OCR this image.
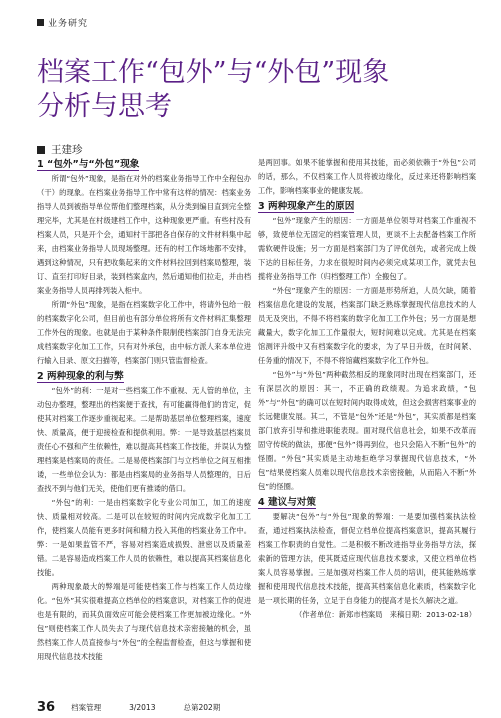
业务研究
档案工作“包外”与“外包”现象
分析与思考
王建珍

1 “包外”与“外包”现象

所谓“包外”现象，是指在对外的档案业务指导工作中全程包办（干）的现象。在档案业务指导工作中常有这样的情况：档案业务指导人员到被指导单位帮他们整理档案，从分类到编目直到完全整理完毕，尤其是在村级建档工作中，这种现象更严重。有些村没有档案人员，只是开个会，通知村干部把各自保存的文件材料集中起来，由档案业务指导人员现场整理。还有的村工作场地都不安排，遇到这种情况，只有把收集起来的文件材料拉回到档案局整理，装订、直至打印好目录，装到档案盒内，然后通知他们拉走，并由档案业务指导人员再排列装入柜中。

所谓“外包”现象，是指在档案数字化工作中，将请外包给一般的档案数字化公司，但目前也有部分单位将所有文件材料汇集整理工作外包的现象。也就是由于某种条件限制使档案部门自身无法完成档案数字化加工工作，只有对外承包，由中标方派人来本单位进行输入目录、原文扫描等，档案部门则只管监督检查。

2 两种现象的利与弊

“包外”的利：一是对一些档案工作不重视、无人管的单位，主动包办整理，整理出的档案便于查找，有可能赢得他们的肯定，促使其对档案工作逐步重视起来。二是帮助基层单位整理档案，速度快、质量高，便于迎接检查和提供利用。弊：一是导致基层档案员责任心不强和产生依赖性，难以提高其档案工作技能，并误认为整理档案是档案局的责任。二是易使档案部门与立档单位之间互相推诿，一些单位会认为：都是由档案局的业务指导人员整理的，日后查找不到与他们无关，使他们更有推诿的借口。

“外包”的利：一是由档案数字化专业公司加工，加工的速度快、质量相对较高。二是可以在较短的时间内完成数字化加工工作，使档案人员能有更多时间和精力投入其他的档案业务工作中。弊：一是如果监管不严，容易对档案造成损毁、泄密以及质量差错。二是容易造成档案工作人员的依赖性，难以提高其档案信息化技能。

两种现象最大的弊端是可能使档案工作与档案工作人员边缘化。“包外”其实很难提高立档单位的档案意识，对档案工作的促进也是有限的，而其负面效应可能会使档案工作更加被边缘化。“外包”则使档案工作人员失去了与现代信息技术亲密接触的机会，虽然档案工作人员直接参与“外包”的全程监督检查，但这与掌握和使用现代信息技术技能

是两回事。如果不能掌握和使用其技能，而必须依赖于“外包”公司的话，那么，不仅档案工作人员将被边缘化，反过来还将影响档案工作，影响档案事业的健康发展。

3 两种现象产生的原因

“包外”现象产生的原因：一方面是单位领导对档案工作重视不够，致使单位无固定的档案管理人员，更谈不上去配备档案工作所需软硬件设施；另一方面是档案部门为了评优创先，或者完成上级下达的目标任务，力求在很短时间内必须完成某项工作，就凭去包揽将业务指导工作（归档整理工作）全搬包了。

“外包”现象产生的原因：一方面是形势所迫，人员欠缺，随着档案信息化建设的发展，档案部门缺乏熟练掌握现代信息技术的人员无及突出，不得不将档案的数字化加工工作外包；另一方面是想藏量大，数字化加工工作量很大，短时间难以完成。尤其是在档案馆测评升级中又有档案数字化的要求，为了早日升级，在时间紧、任务重的情况下，不得不将馆藏档案数字化工作外包。

“包外”与“外包”两种截然相反的现象同时出现在档案部门，还有深层次的原因：其一，不正确的政绩观。为追求政绩，“包外”与“外包”的确可以在短时间内取得成效，但这会损害档案事业的长远健康发展。其二，不管是“包外”还是“外包”，其实质都是档案部门放弃引导和推进职能表现。面对现代信息社会，如果不改革而固守传统的做法，那便“包外”得再到位，也只会陷入不断“包外”的怪圈。“外包”其实质是主动地拒绝学习掌握现代信息技术，“外包”结果使档案人员难以现代信息技术亲密接触，从而陷入不断“外包”的怪圈。

4 建议与对策

要解决“包外”与“外包”现象的弊端：一是要加强档案执法检查，通过档案执法检查，督促立档单位提高档案意识，提高其履行档案工作职责的自觉性。二是积极不断改进指导业务指导方法，探索新的管理方法，使其既适应现代信息技术要求，又使立档单位档案人员容易掌握。三是加强对档案工作人员的培训，使其能熟练掌握和使用现代信息技术技能，提高其档案信息化素质，档案数字化是一项长期的任务，立足于自身能力的提高才是长久解决之道。

（作者单位：新郑市档案局　来稿日期：2013-02-18）

36 档案管理	3/2013	总第202期
